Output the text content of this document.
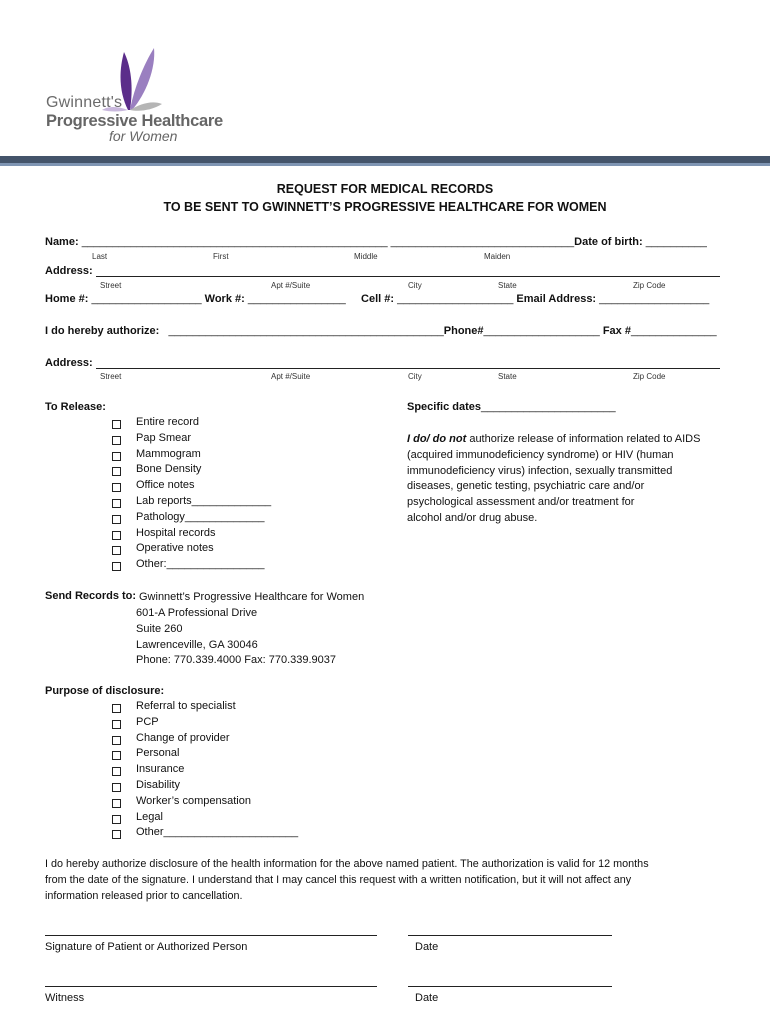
Gwinnett's
Progressive Healthcare
for Women
REQUEST FOR MEDICAL RECORDS
TO BE SENT TO GWINNETT’S PROGRESSIVE HEALTHCARE FOR WOMEN
Name: __________________________________________________ ______________________________Date of birth: __________
Last	First	Middle	Maiden
Address:
Street	Apt #/Suite	City	State	Zip Code
Home #: __________________ Work #: ________________ Cell #: ___________________ Email Address: __________________
I do hereby authorize: _____________________________________________Phone#___________________ Fax #______________
Address:
Street	Apt #/Suite	City	State	Zip Code
To Release:
Entire record
Pap Smear
Mammogram
Bone Density
Office notes
Lab reports_____________
Pathology_____________
Hospital records
Operative notes
Other:________________
Specific dates______________________
I do/ do not authorize release of information related to AIDS
(acquired immunodeficiency syndrome) or HIV (human
immunodeficiency virus) infection, sexually transmitted
diseases, genetic testing, psychiatric care and/or
psychological assessment and/or treatment for
alcohol and/or drug abuse.
Send Records to: Gwinnett’s Progressive Healthcare for Women
601-A Professional Drive
Suite 260
Lawrenceville, GA 30046
Phone: 770.339.4000 Fax: 770.339.9037
Purpose of disclosure:
Referral to specialist
PCP
Change of provider
Personal
Insurance
Disability
Worker’s compensation
Legal
Other______________________
I do hereby authorize disclosure of the health information for the above named patient. The authorization is valid for 12 months
from the date of the signature. I understand that I may cancel this request with a written notification, but it will not affect any
information released prior to cancellation.
Signature of Patient or Authorized Person	Date
Witness	Date
